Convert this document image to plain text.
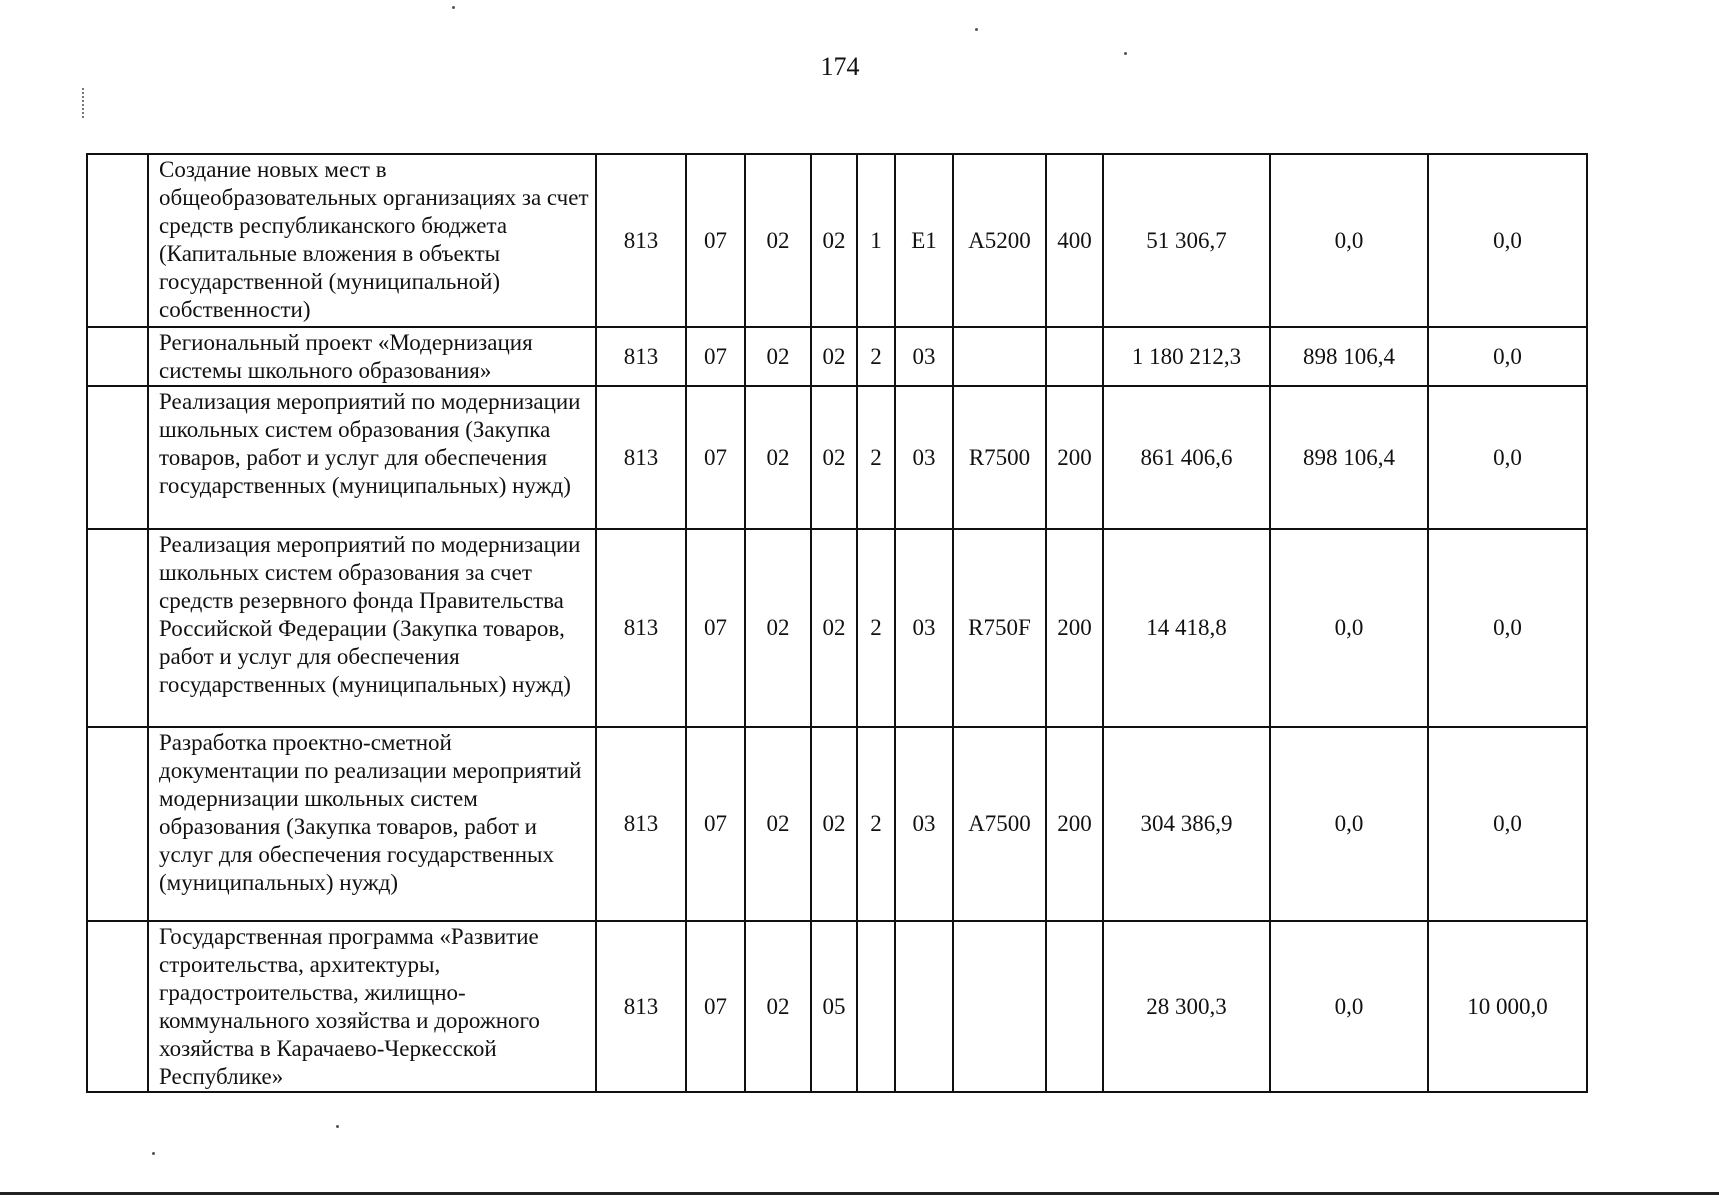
174
	Создание новых мест в общеобразовательных организациях за счет средств республиканского бюджета (Капитальные вложения в объекты государственной (муниципальной) собственности)	813	07	02	02	1	E1	A5200	400	51 306,7	0,0	0,0
	Региональный проект «Модернизация системы школьного образования»	813	07	02	02	2	03			1 180 212,3	898 106,4	0,0
	Реализация мероприятий по модернизации школьных систем образования (Закупка товаров, работ и услуг для обеспечения государственных (муниципальных) нужд)	813	07	02	02	2	03	R7500	200	861 406,6	898 106,4	0,0
	Реализация мероприятий по модернизации школьных систем образования за счет средств резервного фонда Правительства Российской Федерации (Закупка товаров, работ и услуг для обеспечения государственных (муниципальных) нужд)	813	07	02	02	2	03	R750F	200	14 418,8	0,0	0,0
	Разработка проектно-сметной документации по реализации мероприятий модернизации школьных систем образования (Закупка товаров, работ и услуг для обеспечения государственных (муниципальных) нужд)	813	07	02	02	2	03	A7500	200	304 386,9	0,0	0,0
	Государственная программа «Развитие строительства, архитектуры, градостроительства, жилищно-коммунального хозяйства и дорожного хозяйства в Карачаево-Черкесской Республике»	813	07	02	05					28 300,3	0,0	10 000,0
